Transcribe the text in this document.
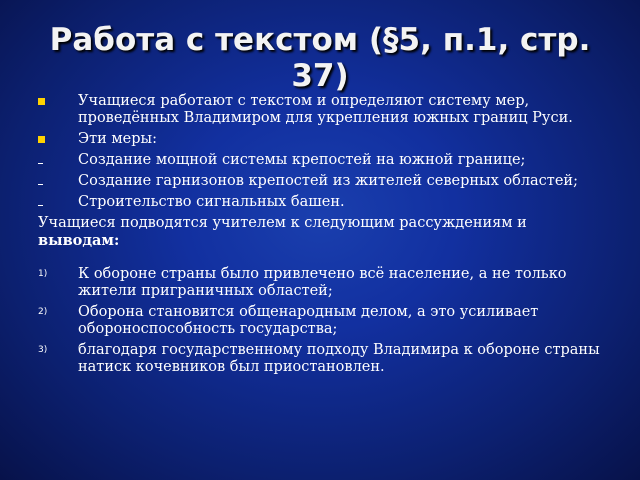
Работа с текстом (§5, п.1, стр. 37)
Учащиеся работают с текстом и определяют систему мер, проведённых Владимиром для укрепления южных границ Руси.
Эти меры:
Создание мощной системы крепостей на южной границе;
Создание гарнизонов крепостей из жителей северных областей;
Строительство сигнальных башен.

Учащиеся подводятся учителем к следующим рассуждениям и выводам:

1) К обороне страны было привлечено всё население, а не только жители приграничных областей;
2) Оборона становится общенародным делом, а это усиливает обороноспособность государства;
3) благодаря государственному подходу Владимира к обороне страны натиск кочевников был приостановлен.
